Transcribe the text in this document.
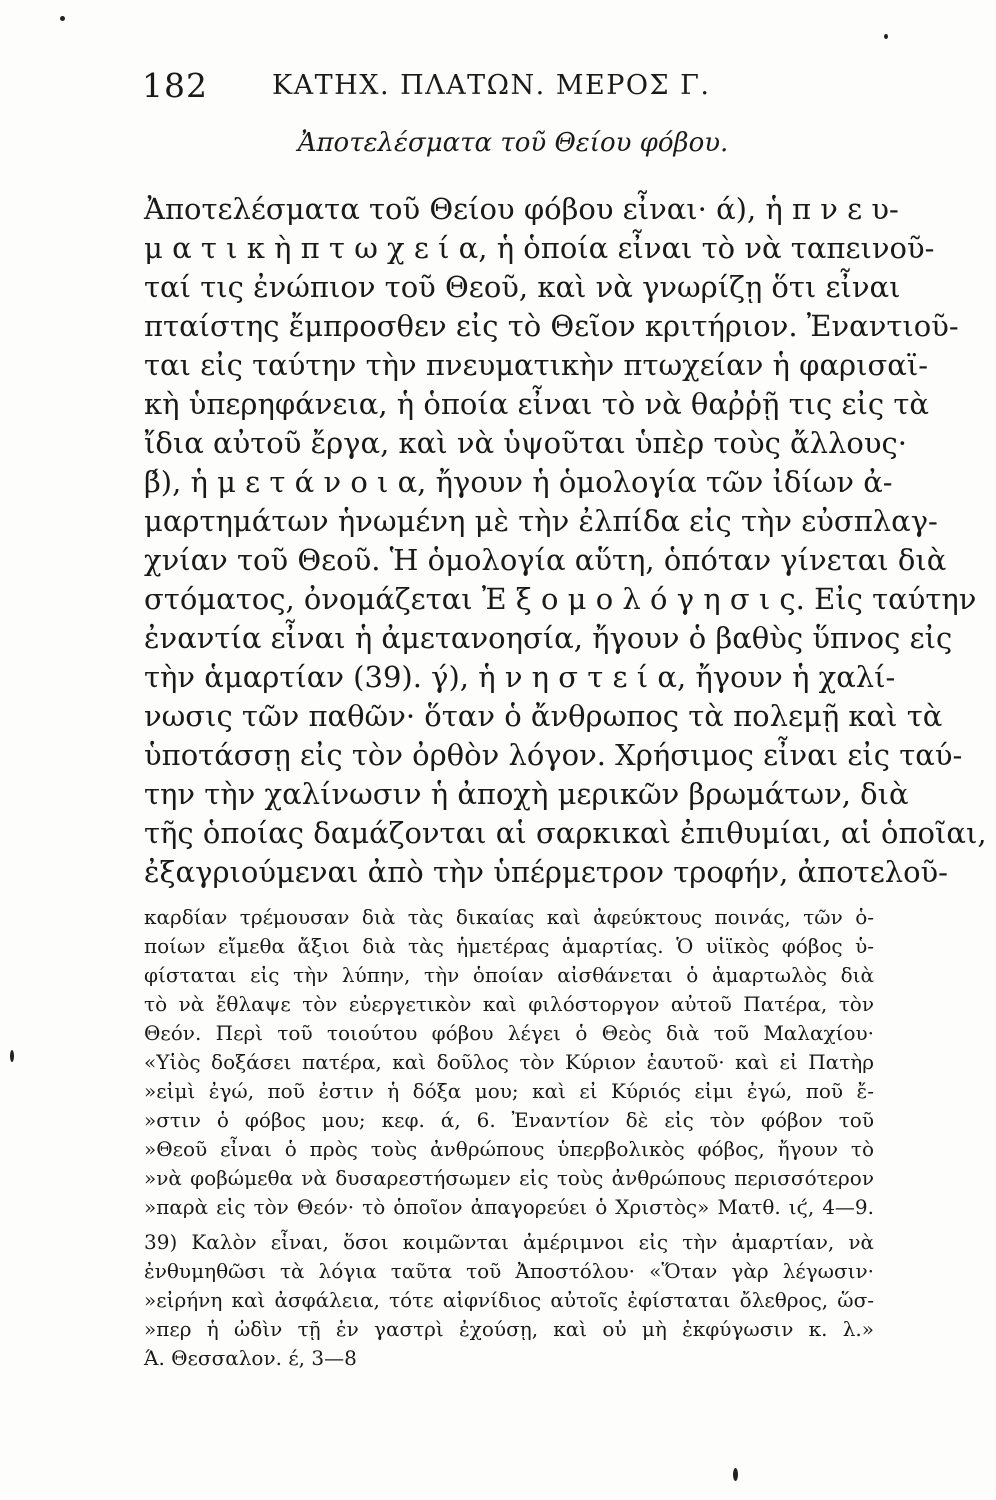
182 ΚΑΤΗΧ. ΠΛΑΤΩΝ. ΜΕΡΟΣ Γ.
Ἀποτελέσματα τοῦ Θείου φόβου.
Ἀποτελέσματα τοῦ Θείου φόβου εἶναι· ά), ἡ π ν ε υ-
μ α τ ι κ ὴ π τ ω χ ε ί α, ἡ ὁποία εἶναι τὸ νὰ ταπεινοῦ-
ταί τις ἐνώπιον τοῦ Θεοῦ, καὶ νὰ γνωρίζῃ ὅτι εἶναι
πταίστης ἔμπροσθεν εἰς τὸ Θεῖον κριτήριον. Ἐναντιοῦ-
ται εἰς ταύτην τὴν πνευματικὴν πτωχείαν ἡ φαρισαϊ-
κὴ ὑπερηφάνεια, ἡ ὁποία εἶναι τὸ νὰ θαῤῥῇ τις εἰς τὰ
ἴδια αὐτοῦ ἔργα, καὶ νὰ ὑψοῦται ὑπὲρ τοὺς ἄλλους·
β́), ἡ μ ε τ ά ν ο ι α, ἤγουν ἡ ὁμολογία τῶν ἰδίων ἀ-
μαρτημάτων ἡνωμένη μὲ τὴν ἐλπίδα εἰς τὴν εὐσπλαγ-
χνίαν τοῦ Θεοῦ. Ἡ ὁμολογία αὕτη, ὁπόταν γίνεται διὰ
στόματος, ὀνομάζεται Ἐ ξ ο μ ο λ ό γ η σ ι ς. Εἰς ταύτην
ἐναντία εἶναι ἡ ἀμετανοησία, ἤγουν ὁ βαθὺς ὕπνος εἰς
τὴν ἁμαρτίαν (39). γ́), ἡ ν η σ τ ε ί α, ἤγουν ἡ χαλί-
νωσις τῶν παθῶν· ὅταν ὁ ἄνθρωπος τὰ πολεμῇ καὶ τὰ
ὑποτάσσῃ εἰς τὸν ὀρθὸν λόγον. Χρήσιμος εἶναι εἰς ταύ-
την τὴν χαλίνωσιν ἡ ἀποχὴ μερικῶν βρωμάτων, διὰ
τῆς ὁποίας δαμάζονται αἱ σαρκικαὶ ἐπιθυμίαι, αἱ ὁποῖαι,
ἐξαγριούμεναι ἀπὸ τὴν ὑπέρμετρον τροφήν, ἀποτελοῦ-
καρδίαν τρέμουσαν διὰ τὰς δικαίας καὶ ἀφεύκτους ποινάς, τῶν ὁ-
ποίων εἴμεθα ἄξιοι διὰ τὰς ἡμετέρας ἁμαρτίας. Ὁ υἱϊκὸς φόβος ὑ-
φίσταται εἰς τὴν λύπην, τὴν ὁποίαν αἰσθάνεται ὁ ἁμαρτωλὸς διὰ
τὸ νὰ ἔθλαψε τὸν εὐεργετικὸν καὶ φιλόστοργον αὐτοῦ Πατέρα, τὸν
Θεόν. Περὶ τοῦ τοιούτου φόβου λέγει ὁ Θεὸς διὰ τοῦ Μαλαχίου·
«Υἱὸς δοξάσει πατέρα, καὶ δοῦλος τὸν Κύριον ἑαυτοῦ· καὶ εἰ Πατὴρ
»εἰμὶ ἐγώ, ποῦ ἐστιν ἡ δόξα μου; καὶ εἰ Κύριός εἰμι ἐγώ, ποῦ ἔ-
»στιν ὁ φόβος μου; κεφ. ά, 6. Ἐναντίον δὲ εἰς τὸν φόβον τοῦ
»Θεοῦ εἶναι ὁ πρὸς τοὺς ἀνθρώπους ὑπερβολικὸς φόβος, ἤγουν τὸ
»νὰ φοβώμεθα νὰ δυσαρεστήσωμεν εἰς τοὺς ἀνθρώπους περισσότερον
»παρὰ εἰς τὸν Θεόν· τὸ ὁποῖον ἀπαγορεύει ὁ Χριστὸς» Ματθ. ιϛ́, 4—9.
39) Καλὸν εἶναι, ὅσοι κοιμῶνται ἀμέριμνοι εἰς τὴν ἁμαρτίαν, νὰ
ἐνθυμηθῶσι τὰ λόγια ταῦτα τοῦ Ἀποστόλου· «Ὅταν γὰρ λέγωσιν·
»εἰρήνη καὶ ἀσφάλεια, τότε αἰφνίδιος αὐτοῖς ἐφίσταται ὄλεθρος, ὥσ-
»περ ἡ ὠδὶν τῇ ἐν γαστρὶ ἐχούσῃ, καὶ οὐ μὴ ἐκφύγωσιν κ. λ.»
Ά. Θεσσαλον. έ, 3—8
